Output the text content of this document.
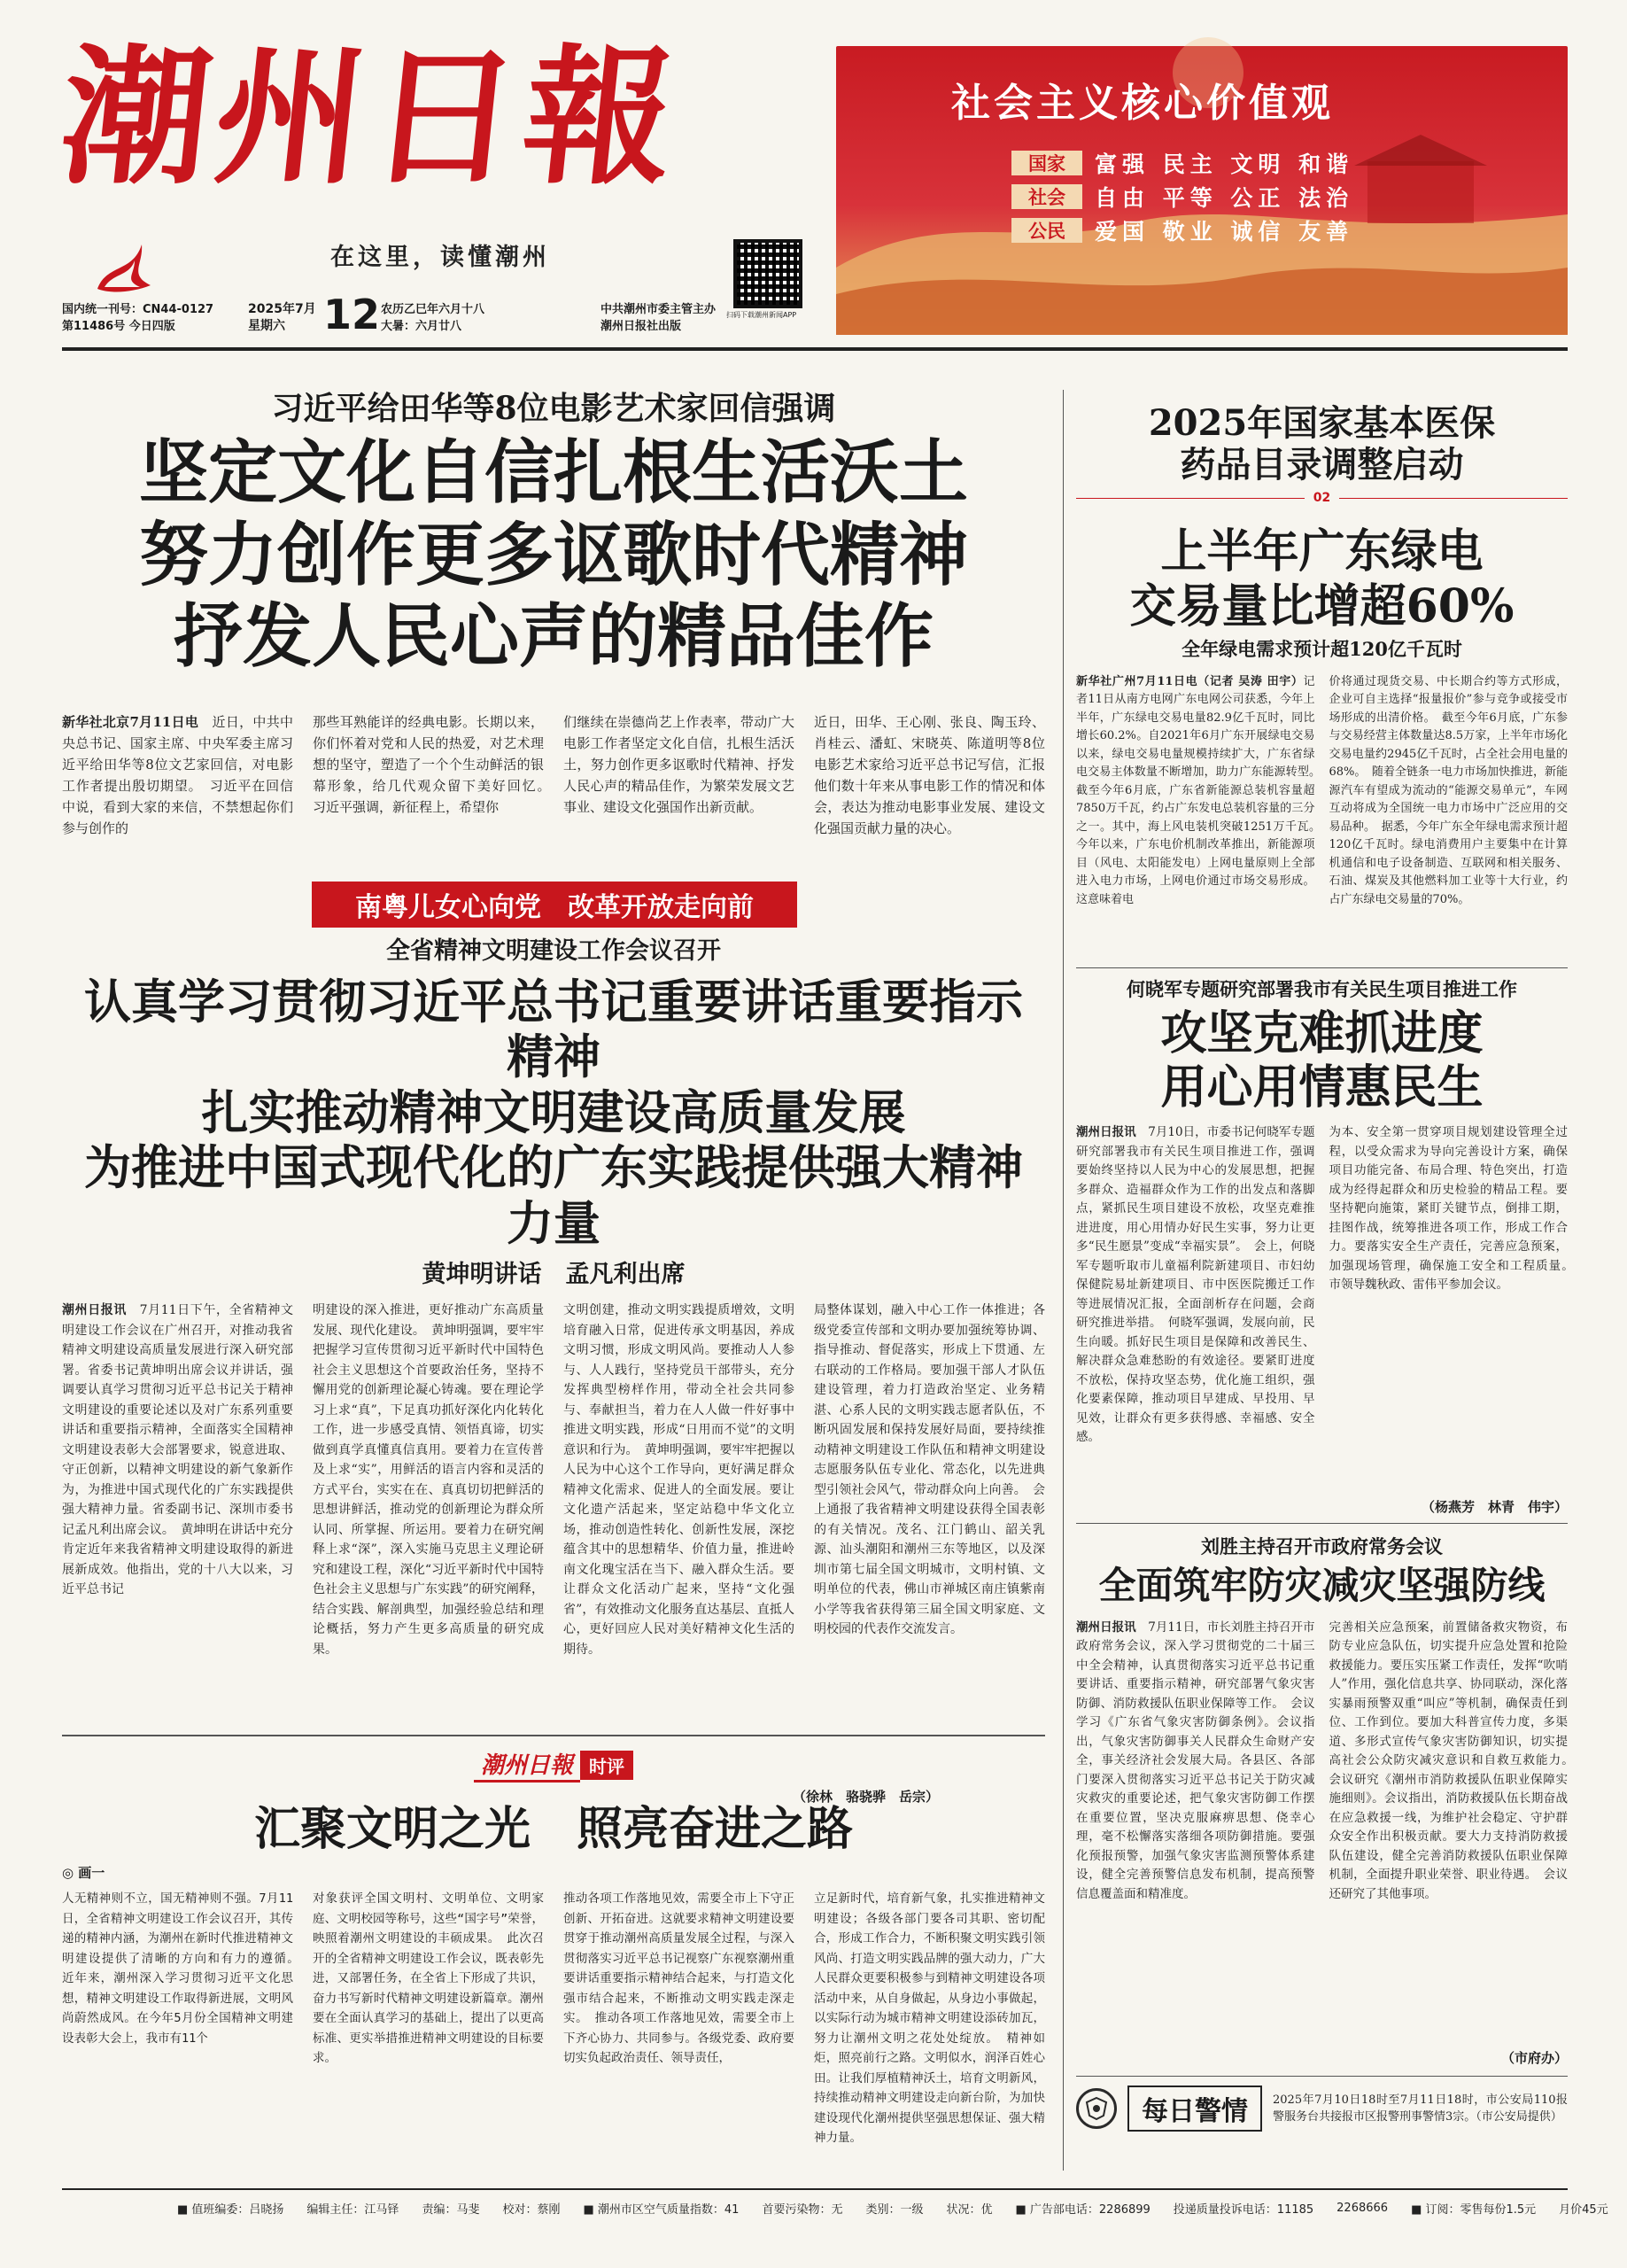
潮州日報
在这里，读懂潮州
国内统一刊号：CN44-0127
第11486号 今日四版
2025年7月
星期六 12 农历乙巳年六月十八
大暑：六月廿八
中共潮州市委主管主办
潮州日报社出版
扫码下载潮州新闻APP
社会主义核心价值观
国家	富强 民主 文明 和谐
社会	自由 平等 公正 法治
公民	爱国 敬业 诚信 友善
习近平给田华等8位电影艺术家回信强调
坚定文化自信扎根生活沃土
努力创作更多讴歌时代精神
抒发人民心声的精品佳作
新华社北京7月11日电　 近日，中共中央总书记、国家主席、中央军委主席习近平给田华等8位文艺家回信，对电影工作者提出殷切期望。　习近平在回信中说，看到大家的来信，不禁想起你们参与创作的
那些耳熟能详的经典电影。长期以来，你们怀着对党和人民的热爱，对艺术理想的坚守，塑造了一个个生动鲜活的银幕形象，给几代观众留下美好回忆。　习近平强调，新征程上，希望你
们继续在崇德尚艺上作表率，带动广大电影工作者坚定文化自信，扎根生活沃土，努力创作更多讴歌时代精神、抒发人民心声的精品佳作，为繁荣发展文艺事业、建设文化强国作出新贡献。
近日，田华、王心刚、张良、陶玉玲、肖桂云、潘虹、宋晓英、陈道明等8位电影艺术家给习近平总书记写信，汇报他们数十年来从事电影工作的情况和体会，表达为推动电影事业发展、建设文化强国贡献力量的决心。
南粤儿女心向党　改革开放走向前
全省精神文明建设工作会议召开
认真学习贯彻习近平总书记重要讲话重要指示精神
扎实推动精神文明建设高质量发展
为推进中国式现代化的广东实践提供强大精神力量
黄坤明讲话　孟凡利出席
潮州日报讯　 7月11日下午，全省精神文明建设工作会议在广州召开，对推动我省精神文明建设高质量发展进行深入研究部署。省委书记黄坤明出席会议并讲话，强调要认真学习贯彻习近平总书记关于精神文明建设的重要论述以及对广东系列重要讲话和重要指示精神，全面落实全国精神文明建设表彰大会部署要求，锐意进取、守正创新，以精神文明建设的新气象新作为，为推进中国式现代化的广东实践提供强大精神力量。省委副书记、深圳市委书记孟凡利出席会议。　黄坤明在讲话中充分肯定近年来我省精神文明建设取得的新进展新成效。他指出，党的十八大以来，习近平总书记
明建设的深入推进，更好推动广东高质量发展、现代化建设。　黄坤明强调，要牢牢把握学习宣传贯彻习近平新时代中国特色社会主义思想这个首要政治任务，坚持不懈用党的创新理论凝心铸魂。要在理论学习上求“真”，下足真功抓好深化内化转化工作，进一步感受真情、领悟真谛，切实做到真学真懂真信真用。要着力在宣传普及上求“实”，用鲜活的语言内容和灵活的方式平台，实实在在、真真切切把鲜活的思想讲鲜活，推动党的创新理论为群众所认同、所掌握、所运用。要着力在研究阐释上求“深”，深入实施马克思主义理论研究和建设工程，深化“习近平新时代中国特色社会主义思想与广东实践”的研究阐释，结合实践、解剖典型，加强经验总结和理论概括，努力产生更多高质量的研究成果。
文明创建，推动文明实践提质增效，文明培育融入日常，促进传承文明基因，养成文明习惯，形成文明风尚。要推动人人参与、人人践行，坚持党员干部带头，充分发挥典型榜样作用，带动全社会共同参与、奉献担当，着力在人人做一件好事中推进文明实践，形成“日用而不觉”的文明意识和行为。　黄坤明强调，要牢牢把握以人民为中心这个工作导向，更好满足群众精神文化需求、促进人的全面发展。要让文化遗产活起来，坚定站稳中华文化立场，推动创造性转化、创新性发展，深挖蕴含其中的思想精华、价值力量，推进岭南文化瑰宝活在当下、融入群众生活。要让群众文化活动广起来，坚持“文化强省”，有效推动文化服务直达基层、直抵人心，更好回应人民对美好精神文化生活的期待。
局整体谋划，融入中心工作一体推进；各级党委宣传部和文明办要加强统筹协调、指导推动、督促落实，形成上下贯通、左右联动的工作格局。要加强干部人才队伍建设管理，着力打造政治坚定、业务精湛、心系人民的文明实践志愿者队伍，不断巩固发展和保持发展好局面，要持续推动精神文明建设工作队伍和精神文明建设志愿服务队伍专业化、常态化，以先进典型引领社会风气，带动群众向上向善。　会上通报了我省精神文明建设获得全国表彰的有关情况。茂名、江门鹤山、韶关乳源、汕头潮阳和潮州三东等地区，以及深圳市第七届全国文明城市，文明村镇、文明单位的代表，佛山市禅城区南庄镇紫南小学等我省获得第三届全国文明家庭、文明校园的代表作交流发言。
（徐林　骆骁骅　岳宗）
潮州日報 时评
汇聚文明之光　照亮奋进之路
◎ 画一
人无精神则不立，国无精神则不强。7月11日，全省精神文明建设工作会议召开，其传递的精神内涵，为潮州在新时代推进精神文明建设提供了清晰的方向和有力的遵循。　近年来，潮州深入学习贯彻习近平文化思想，精神文明建设工作取得新进展，文明风尚蔚然成风。在今年5月份全国精神文明建设表彰大会上，我市有11个
对象获评全国文明村、文明单位、文明家庭、文明校园等称号，这些“国字号”荣誉，映照着潮州文明建设的丰硕成果。　此次召开的全省精神文明建设工作会议，既表彰先进，又部署任务，在全省上下形成了共识，奋力书写新时代精神文明建设新篇章。潮州要在全面认真学习的基础上，提出了以更高标准、更实举措推进精神文明建设的目标要求。
推动各项工作落地见效，需要全市上下守正创新、开拓奋进。这就要求精神文明建设要贯穿于推动潮州高质量发展全过程，与深入贯彻落实习近平总书记视察广东视察潮州重要讲话重要指示精神结合起来，与打造文化强市结合起来，不断推动文明实践走深走实。　推动各项工作落地见效，需要全市上下齐心协力、共同参与。各级党委、政府要切实负起政治责任、领导责任，
立足新时代，培育新气象，扎实推进精神文明建设；各级各部门要各司其职、密切配合，形成工作合力，不断积聚文明实践引领风尚、打造文明实践品牌的强大动力，广大人民群众更要积极参与到精神文明建设各项活动中来，从自身做起，从身边小事做起，以实际行动为城市精神文明建设添砖加瓦，努力让潮州文明之花处处绽放。　精神如炬，照亮前行之路。文明似水，润泽百姓心田。让我们厚植精神沃土，培育文明新风，持续推动精神文明建设走向新台阶，为加快建设现代化潮州提供坚强思想保证、强大精神力量。
2025年国家基本医保
药品目录调整启动
02
上半年广东绿电
交易量比增超60%
全年绿电需求预计超120亿千瓦时
新华社广州7月11日电（记者 吴涛 田宇）记者11日从南方电网广东电网公司获悉，今年上半年，广东绿电交易电量82.9亿千瓦时，同比增长60.2%。自2021年6月广东开展绿电交易以来，绿电交易电量规模持续扩大，广东省绿电交易主体数量不断增加，助力广东能源转型。　截至今年6月底，广东省新能源总装机容量超7850万千瓦，约占广东发电总装机容量的三分之一。其中，海上风电装机突破1251万千瓦。　今年以来，广东电价机制改革推出，新能源项目（风电、太阳能发电）上网电量原则上全部进入电力市场，上网电价通过市场交易形成。这意味着电
价将通过现货交易、中长期合约等方式形成，企业可自主选择“报量报价”参与竞争或接受市场形成的出清价格。　截至今年6月底，广东参与交易经营主体数量达8.5万家，上半年市场化交易电量约2945亿千瓦时，占全社会用电量的68%。　随着全链条一电力市场加快推进，新能源汽车有望成为流动的“能源交易单元”，车网互动将成为全国统一电力市场中广泛应用的交易品种。　据悉，今年广东全年绿电需求预计超120亿千瓦时。绿电消费用户主要集中在计算机通信和电子设备制造、互联网和相关服务、石油、煤炭及其他燃料加工业等十大行业，约占广东绿电交易量的70%。
何晓军专题研究部署我市有关民生项目推进工作
攻坚克难抓进度
用心用情惠民生
潮州日报讯　 7月10日，市委书记何晓军专题研究部署我市有关民生项目推进工作，强调要始终坚持以人民为中心的发展思想，把握多群众、造福群众作为工作的出发点和落脚点，紧抓民生项目建设不放松，攻坚克难推进进度，用心用情办好民生实事，努力让更多“民生愿景”变成“幸福实景”。　会上，何晓军专题听取市儿童福利院新建项目、市妇幼保健院易址新建项目、市中医医院搬迁工作等进展情况汇报，全面剖析存在问题，会商研究推进举措。　何晓军强调，发展向前，民生向暖。抓好民生项目是保障和改善民生、解决群众急难愁盼的有效途径。要紧盯进度不放松，保持攻坚态势，优化施工组织，强化要素保障，推动项目早建成、早投用、早见效，让群众有更多获得感、幸福感、安全感。
为本、安全第一贯穿项目规划建设管理全过程，以受众需求为导向完善设计方案，确保项目功能完备、布局合理、特色突出，打造成为经得起群众和历史检验的精品工程。要坚持靶向施策，紧盯关键节点，倒排工期，挂图作战，统筹推进各项工作，形成工作合力。要落实安全生产责任，完善应急预案，加强现场管理，确保施工安全和工程质量。　市领导魏秋政、雷伟平参加会议。
（杨燕芳　林青　伟宇）
刘胜主持召开市政府常务会议
全面筑牢防灾减灾坚强防线
潮州日报讯　 7月11日，市长刘胜主持召开市政府常务会议，深入学习贯彻党的二十届三中全会精神，认真贯彻落实习近平总书记重要讲话、重要指示精神，研究部署气象灾害防御、消防救援队伍职业保障等工作。　会议学习《广东省气象灾害防御条例》。会议指出，气象灾害防御事关人民群众生命财产安全，事关经济社会发展大局。各县区、各部门要深入贯彻落实习近平总书记关于防灾减灾救灾的重要论述，把气象灾害防御工作摆在重要位置，坚决克服麻痹思想、侥幸心理，毫不松懈落实落细各项防御措施。要强化预报预警，加强气象灾害监测预警体系建设，健全完善预警信息发布机制，提高预警信息覆盖面和精准度。
完善相关应急预案，前置储备救灾物资，布防专业应急队伍，切实提升应急处置和抢险救援能力。要压实压紧工作责任，发挥“吹哨人”作用，强化信息共享、协同联动，深化落实暴雨预警双重“叫应”等机制，确保责任到位、工作到位。要加大科普宣传力度，多渠道、多形式宣传气象灾害防御知识，切实提高社会公众防灾减灾意识和自救互救能力。　会议研究《潮州市消防救援队伍职业保障实施细则》。会议指出，消防救援队伍长期奋战在应急救援一线，为维护社会稳定、守护群众安全作出积极贡献。要大力支持消防救援队伍建设，健全完善消防救援队伍职业保障机制，全面提升职业荣誉、职业待遇。　会议还研究了其他事项。
（市府办）
每日警情	2025年7月10日18时至7月11日18时，市公安局110报警服务台共接报市区报警刑事警情3宗。（市公安局提供）
■ 值班编委：吕晓扬 编辑主任：江马铎 责编：马斐 校对：蔡刚 ■ 潮州市区空气质量指数：41 首要污染物：无 类别：一级 状况：优 ■ 广告部电话：2286899 投递质量投诉电话：11185 2268666 ■ 订阅：零售每份1.5元 月价45元
